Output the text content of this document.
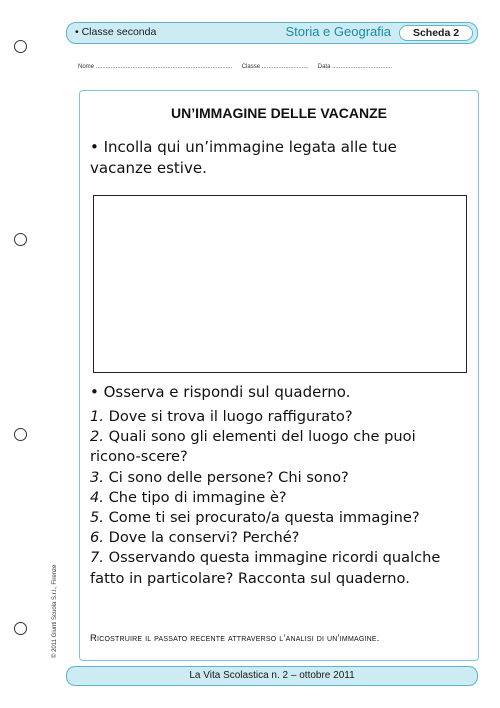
• Classe seconda	Storia e Geografia	Scheda 2
Nome .................................................................................. Classe ............................ Data ....................................
UN’IMMAGINE DELLE VACANZE
• Incolla qui un’immagine legata alle tue vacanze estive.
• Osserva e rispondi sul quaderno.
1. Dove si trova il luogo raffigurato?
2. Quali sono gli elementi del luogo che puoi ricono-scere?
3. Ci sono delle persone? Chi sono?
4. Che tipo di immagine è?
5. Come ti sei procurato/a questa immagine?
6. Dove la conservi? Perché?
7. Osservando questa immagine ricordi qualche fatto in particolare? Racconta sul quaderno.
Ricostruire il passato recente attraverso l’analisi di un’immagine.
© 2011 Giunti Scuola S.r.l., Firenze
La Vita Scolastica n. 2 – ottobre 2011
